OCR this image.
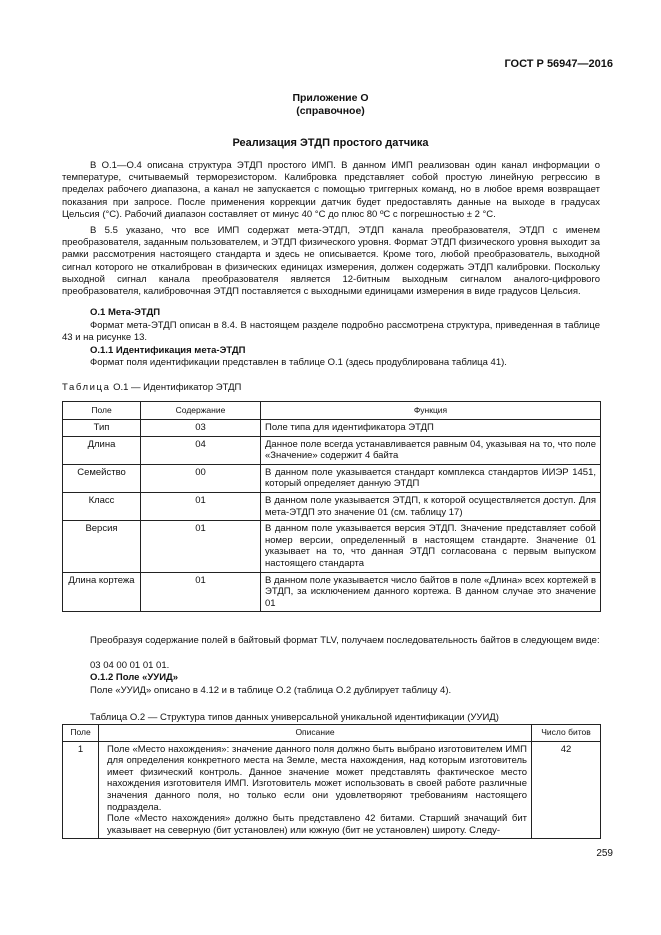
ГОСТ Р 56947—2016
Приложение О
(справочное)
Реализация ЭТДП простого датчика

В О.1—О.4 описана структура ЭТДП простого ИМП. В данном ИМП реализован один канал информации о температуре, считываемый терморезистором. Калибровка представляет собой простую линейную регрессию в пределах рабочего диапазона, а канал не запускается с помощью триггерных команд, но в любое время возвращает показания при запросе. После применения коррекции датчик будет предоставлять данные на выходе в градусах Цельсия (°С). Рабочий диапазон составляет от минус 40 °С до плюс 80 ºС с погрешностью ± 2 °С.

В 5.5 указано, что все ИМП содержат мета-ЭТДП, ЭТДП канала преобразователя, ЭТДП с именем преобразователя, заданным пользователем, и ЭТДП физического уровня. Формат ЭТДП физического уровня выходит за рамки рассмотрения настоящего стандарта и здесь не описывается. Кроме того, любой преобразователь, выходной сигнал которого не откалиброван в физических единицах измерения, должен содержать ЭТДП калибровки. Поскольку выходной сигнал канала преобразователя является 12-битным выходным сигналом аналого-цифрового преобразователя, калибровочная ЭТДП поставляется с выходными единицами измерения в виде градусов Цельсия.

О.1 Мета-ЭТДП

Формат мета-ЭТДП описан в 8.4. В настоящем разделе подробно рассмотрена структура, приведенная в таблице 43 и на рисунке 13.

О.1.1 Идентификация мета-ЭТДП

Формат поля идентификации представлен в таблице О.1 (здесь продублирована таблица 41).

Таблица О.1 — Идентификатор ЭТДП
Поле	Содержание	Функция
Тип	03	Поле типа для идентификатора ЭТДП
Длина	04	Данное поле всегда устанавливается равным 04, указывая на то, что поле «Значение» содержит 4 байта
Семейство	00	В данном поле указывается стандарт комплекса стандартов ИИЭР 1451, который определяет данную ЭТДП
Класс	01	В данном поле указывается ЭТДП, к которой осуществляется доступ. Для мета-ЭТДП это значение 01 (см. таблицу 17)
Версия	01	В данном поле указывается версия ЭТДП. Значение представляет собой номер версии, определенный в настоящем стандарте. Значение 01 указывает на то, что данная ЭТДП согласована с первым выпуском настоящего стандарта
Длина кортежа	01	В данном поле указывается число байтов в поле «Длина» всех кортежей в ЭТДП, за исключением данного кортежа. В данном случае это значение 01

Преобразуя содержание полей в байтовый формат TLV, получаем последовательность байтов в следующем виде:

03 04 00 01 01 01.

О.1.2 Поле «УУИД»

Поле «УУИД» описано в 4.12 и в таблице О.2 (таблица О.2 дублирует таблицу 4).

Таблица О.2 — Структура типов данных универсальной уникальной идентификации (УУИД)
Поле	Описание	Число битов
1	Поле «Место нахождения»: значение данного поля должно быть выбрано изготовителем ИМП для определения конкретного места на Земле, места нахождения, над которым изготовитель имеет физический контроль. Данное значение может представлять фактическое место нахождения изготовителя ИМП. Изготовитель может использовать в своей работе различные значения данного поля, но только если они удовлетворяют требованиям настоящего подраздела.
Поле «Место нахождения» должно быть представлено 42 битами. Старший значащий бит указывает на северную (бит установлен) или южную (бит не установлен) широту. Следу-	42
259
